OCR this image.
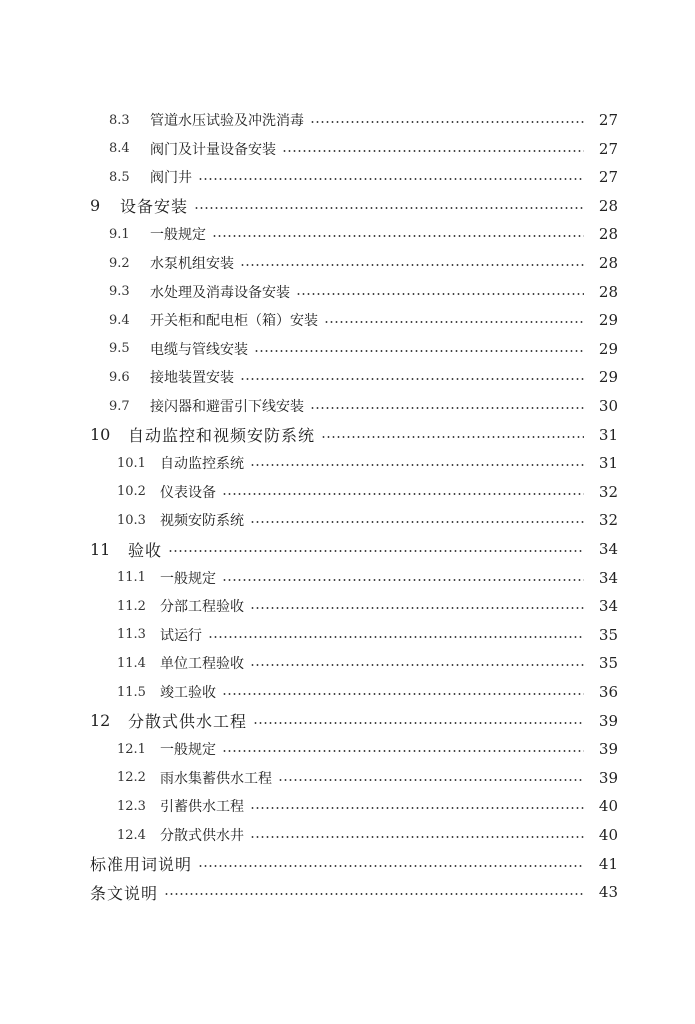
8.3 管道水压试验及冲洗消毒	27
8.4 阀门及计量设备安装	27
8.5 阀门井	27
9 设备安装	28
9.1 一般规定	28
9.2 水泵机组安装	28
9.3 水处理及消毒设备安装	28
9.4 开关柜和配电柜（箱）安装	29
9.5 电缆与管线安装	29
9.6 接地装置安装	29
9.7 接闪器和避雷引下线安装	30
10 自动监控和视频安防系统	31
10.1 自动监控系统	31
10.2 仪表设备	32
10.3 视频安防系统	32
11 验收	34
11.1 一般规定	34
11.2 分部工程验收	34
11.3 试运行	35
11.4 单位工程验收	35
11.5 竣工验收	36
12 分散式供水工程	39
12.1 一般规定	39
12.2 雨水集蓄供水工程	39
12.3 引蓄供水工程	40
12.4 分散式供水井	40
标准用词说明	41
条文说明	43
